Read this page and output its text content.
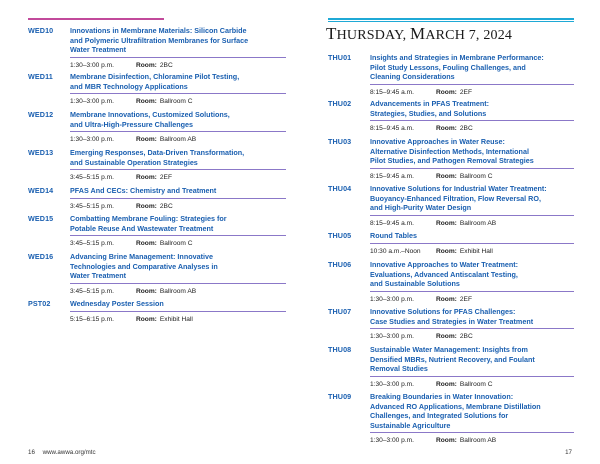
WED10 Innovations in Membrane Materials: Silicon Carbide
and Polymeric Ultrafiltration Membranes for Surface
Water Treatment
1:30–3:00 p.m.	Room: 2BC
WED11 Membrane Disinfection, Chloramine Pilot Testing,
and MBR Technology Applications
1:30–3:00 p.m.	Room: Ballroom C
WED12 Membrane Innovations, Customized Solutions,
and Ultra-High-Pressure Challenges
1:30–3:00 p.m.	Room: Ballroom AB
WED13 Emerging Responses, Data-Driven Transformation,
and Sustainable Operation Strategies
3:45–5:15 p.m.	Room: 2EF
WED14 PFAS And CECs: Chemistry and Treatment
3:45–5:15 p.m.	Room: 2BC
WED15 Combatting Membrane Fouling: Strategies for
Potable Reuse And Wastewater Treatment
3:45–5:15 p.m.	Room: Ballroom C
WED16 Advancing Brine Management: Innovative
Technologies and Comparative Analyses in
Water Treatment
3:45–5:15 p.m.	Room: Ballroom AB
PST02	Wednesday Poster Session
5:15–6:15 p.m.	Room: Exhibit Hall
16 www.awwa.org/mtc
THU01	Insights and Strategies in Membrane Performance:
Pilot Study Lessons, Fouling Challenges, and
Cleaning Considerations
8:15–9:45 a.m.	Room: 2EF
THU02	Advancements in PFAS Treatment:
Strategies, Studies, and Solutions
8:15–9:45 a.m.	Room: 2BC
THU03	Innovative Approaches in Water Reuse:
Alternative Disinfection Methods, International
Pilot Studies, and Pathogen Removal Strategies
8:15–9:45 a.m.	Room: Ballroom C
THU04	Innovative Solutions for Industrial Water Treatment:
Buoyancy-Enhanced Filtration, Flow Reversal RO,
and High-Purity Water Design
8:15–9:45 a.m.	Room: Ballroom AB
THU05	Round Tables
10:30 a.m.–Noon Room: Exhibit Hall
THU06	Innovative Approaches to Water Treatment:
Evaluations, Advanced Antiscalant Testing,
and Sustainable Solutions
1:30–3:00 p.m.	Room: 2EF
THU07	Innovative Solutions for PFAS Challenges:
Case Studies and Strategies in Water Treatment
1:30–3:00 p.m.	Room: 2BC
THU08	Sustainable Water Management: Insights from
Densified MBRs, Nutrient Recovery, and Foulant
Removal Studies
1:30–3:00 p.m.	Room: Ballroom C
THU09	Breaking Boundaries in Water Innovation:
Advanced RO Applications, Membrane Distillation
Challenges, and Integrated Solutions for
Sustainable Agriculture
1:30–3:00 p.m.	Room: Ballroom AB
17
THURSDAY, MARCH 7, 2024
